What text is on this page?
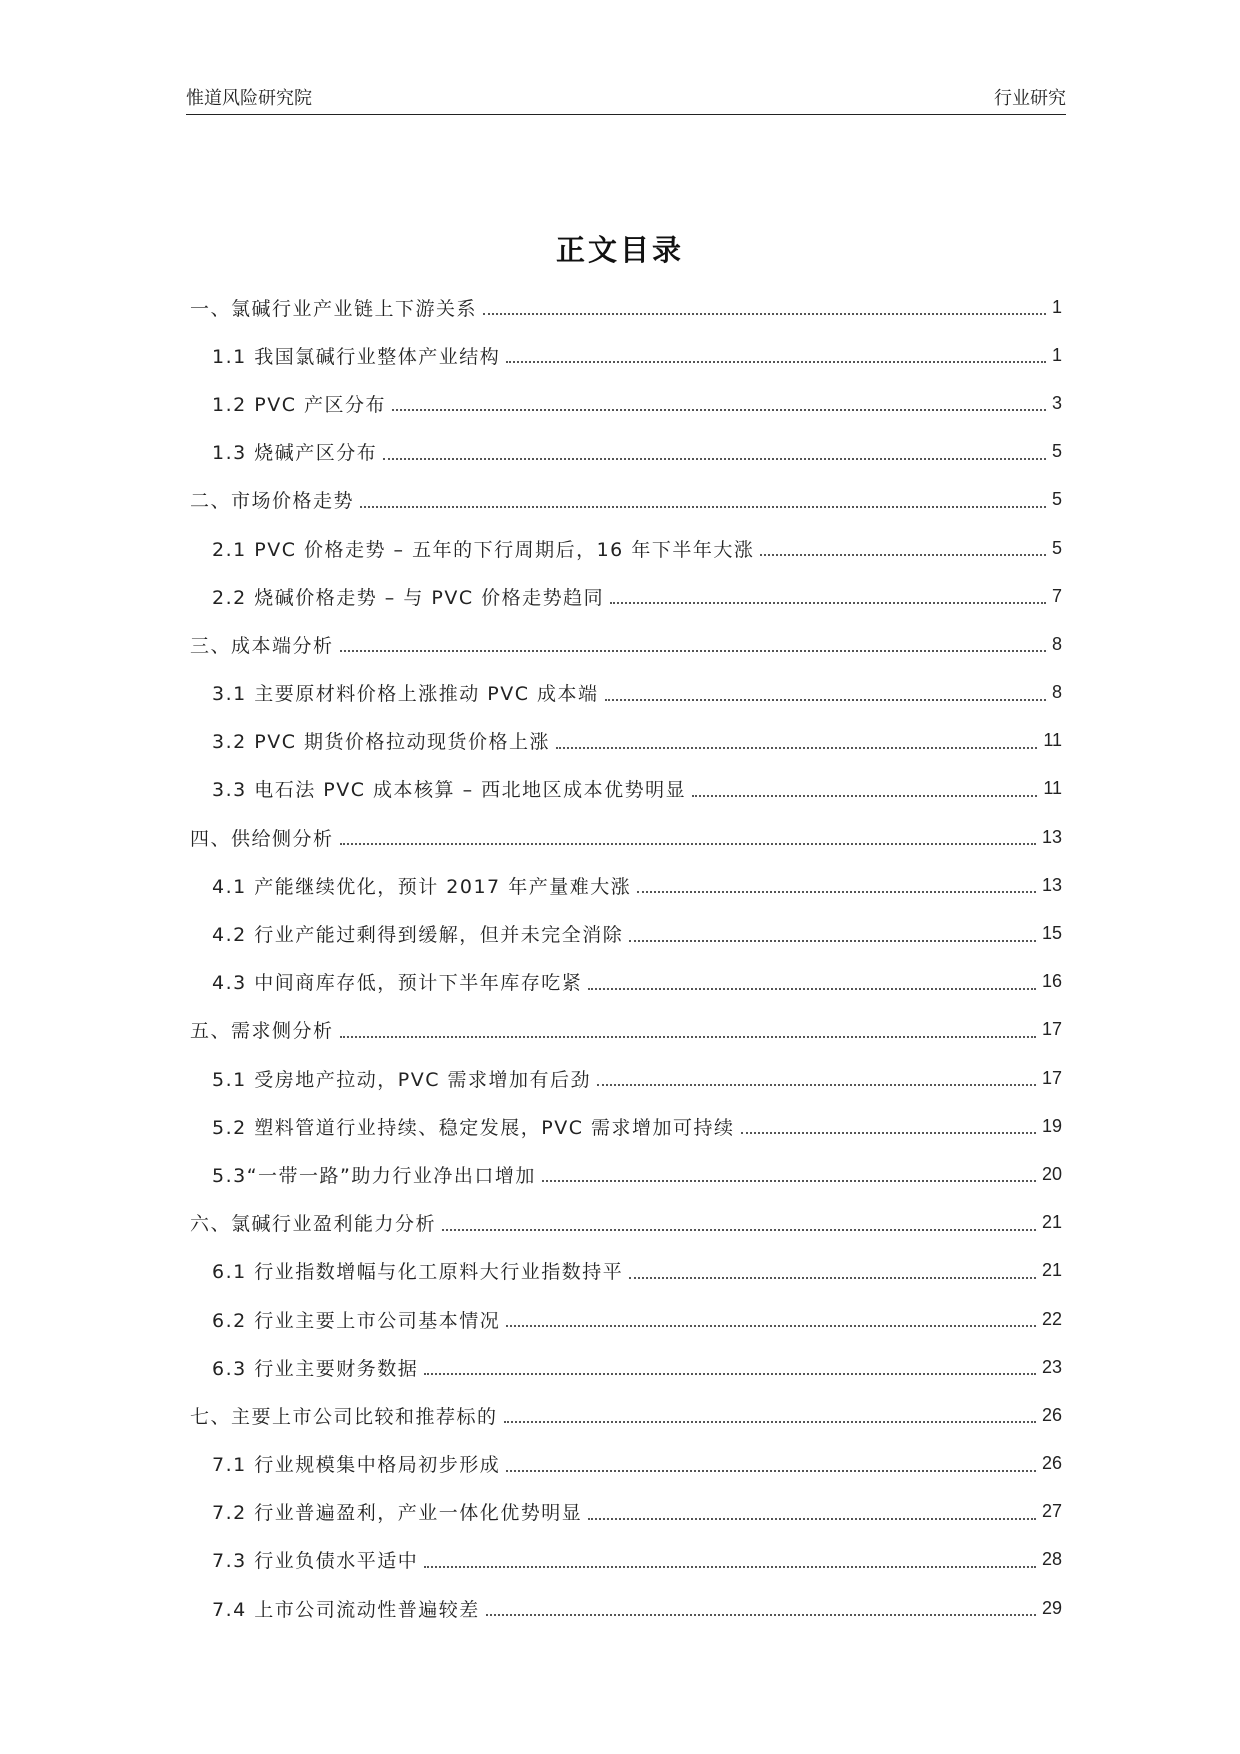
惟道风险研究院	行业研究
正文目录
一、氯碱行业产业链上下游关系	1
1.1 我国氯碱行业整体产业结构	1
1.2 PVC 产区分布	3
1.3 烧碱产区分布	5
二、市场价格走势	5
2.1 PVC 价格走势 – 五年的下行周期后，16 年下半年大涨	5
2.2 烧碱价格走势 – 与 PVC 价格走势趋同	7
三、成本端分析	8
3.1 主要原材料价格上涨推动 PVC 成本端	8
3.2 PVC 期货价格拉动现货价格上涨	11
3.3 电石法 PVC 成本核算 – 西北地区成本优势明显	11
四、供给侧分析	13
4.1 产能继续优化，预计 2017 年产量难大涨	13
4.2 行业产能过剩得到缓解，但并未完全消除	15
4.3 中间商库存低，预计下半年库存吃紧	16
五、需求侧分析	17
5.1 受房地产拉动，PVC 需求增加有后劲	17
5.2 塑料管道行业持续、稳定发展，PVC 需求增加可持续	19
5.3“一带一路”助力行业净出口增加	20
六、氯碱行业盈利能力分析	21
6.1 行业指数增幅与化工原料大行业指数持平	21
6.2 行业主要上市公司基本情况	22
6.3 行业主要财务数据	23
七、主要上市公司比较和推荐标的	26
7.1 行业规模集中格局初步形成	26
7.2 行业普遍盈利，产业一体化优势明显	27
7.3 行业负债水平适中	28
7.4 上市公司流动性普遍较差	29
